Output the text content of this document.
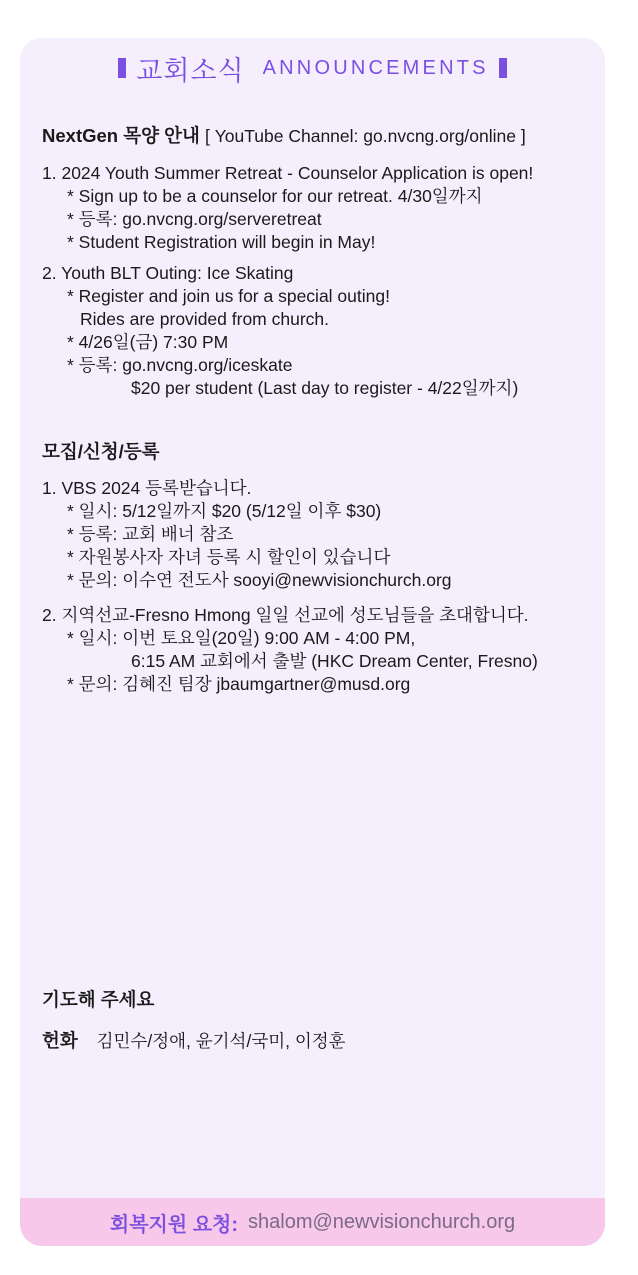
교회소식 ANNOUNCEMENTS

NextGen 목양 안내 [ YouTube Channel: go.nvcng.org/online ]

1. 2024 Youth Summer Retreat - Counselor Application is open!
* Sign up to be a counselor for our retreat. 4/30일까지
* 등록: go.nvcng.org/serveretreat
* Student Registration will begin in May!
2. Youth BLT Outing: Ice Skating
* Register and join us for a special outing!
Rides are provided from church.
* 4/26일(금) 7:30 PM
* 등록: go.nvcng.org/iceskate
$20 per student (Last day to register - 4/22일까지)

모집/신청/등록

1. VBS 2024 등록받습니다.
* 일시: 5/12일까지 $20 (5/12일 이후 $30)
* 등록: 교회 배너 참조
* 자원봉사자 자녀 등록 시 할인이 있습니다
* 문의: 이수연 전도사 sooyi@newvisionchurch.org
2. 지역선교-Fresno Hmong 일일 선교에 성도님들을 초대합니다.
* 일시: 이번 토요일(20일) 9:00 AM - 4:00 PM,
6:15 AM 교회에서 출발 (HKC Dream Center, Fresno)
* 문의: 김혜진 팀장 jbaumgartner@musd.org

기도해 주세요

헌화 김민수/정애, 윤기석/국미, 이정훈
회복지원 요청: shalom@newvisionchurch.org
